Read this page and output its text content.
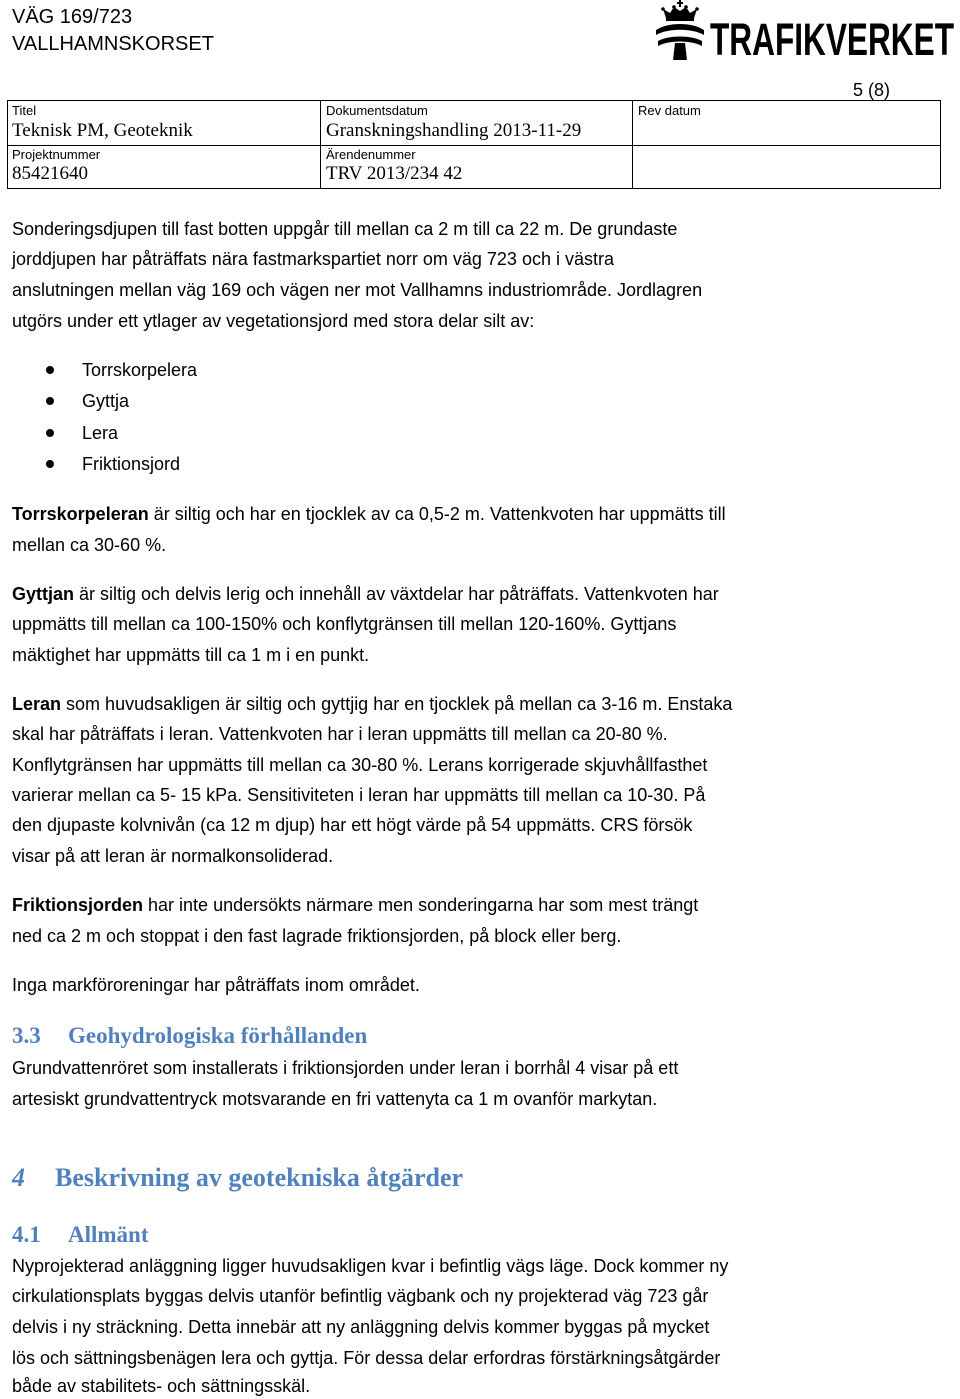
VÄG 169/723
VALLHAMNSKORSET	TRAFIKVERKET
5 (8)
Titel
Teknisk PM, Geoteknik
Dokumentsdatum
Granskningshandling 2013-11-29
Rev datum
Projektnummer
85421640
Ärendenummer
TRV 2013/234 42
Sonderingsdjupen till fast botten uppgår till mellan ca 2 m till ca 22 m. De grundaste
jorddjupen har påträffats nära fastmarkspartiet norr om väg 723 och i västra
anslutningen mellan väg 169 och vägen ner mot Vallhamns industriområde. Jordlagren
utgörs under ett ytlager av vegetationsjord med stora delar silt av:
Torrskorpelera
Gyttja
Lera
Friktionsjord
Torrskorpeleran är siltig och har en tjocklek av ca 0,5-2 m. Vattenkvoten har uppmätts till
mellan ca 30-60 %.
Gyttjan är siltig och delvis lerig och innehåll av växtdelar har påträffats. Vattenkvoten har
uppmätts till mellan ca 100-150% och konflytgränsen till mellan 120-160%. Gyttjans
mäktighet har uppmätts till ca 1 m i en punkt.
Leran som huvudsakligen är siltig och gyttjig har en tjocklek på mellan ca 3-16 m. Enstaka
skal har påträffats i leran. Vattenkvoten har i leran uppmätts till mellan ca 20-80 %.
Konflytgränsen har uppmätts till mellan ca 30-80 %. Lerans korrigerade skjuvhållfasthet
varierar mellan ca 5- 15 kPa. Sensitiviteten i leran har uppmätts till mellan ca 10-30. På
den djupaste kolvnivån (ca 12 m djup) har ett högt värde på 54 uppmätts. CRS försök
visar på att leran är normalkonsoliderad.
Friktionsjorden har inte undersökts närmare men sonderingarna har som mest trängt
ned ca 2 m och stoppat i den fast lagrade friktionsjorden, på block eller berg.
Inga markföroreningar har påträffats inom området.
3.3 Geohydrologiska förhållanden
Grundvattenröret som installerats i friktionsjorden under leran i borrhål 4 visar på ett
artesiskt grundvattentryck motsvarande en fri vattenyta ca 1 m ovanför markytan.
4 Beskrivning av geotekniska åtgärder
4.1 Allmänt
Nyprojekterad anläggning ligger huvudsakligen kvar i befintlig vägs läge. Dock kommer ny
cirkulationsplats byggas delvis utanför befintlig vägbank och ny projekterad väg 723 går
delvis i ny sträckning. Detta innebär att ny anläggning delvis kommer byggas på mycket
lös och sättningsbenägen lera och gyttja. För dessa delar erfordras förstärkningsåtgärder
både av stabilitets- och sättningsskäl.
